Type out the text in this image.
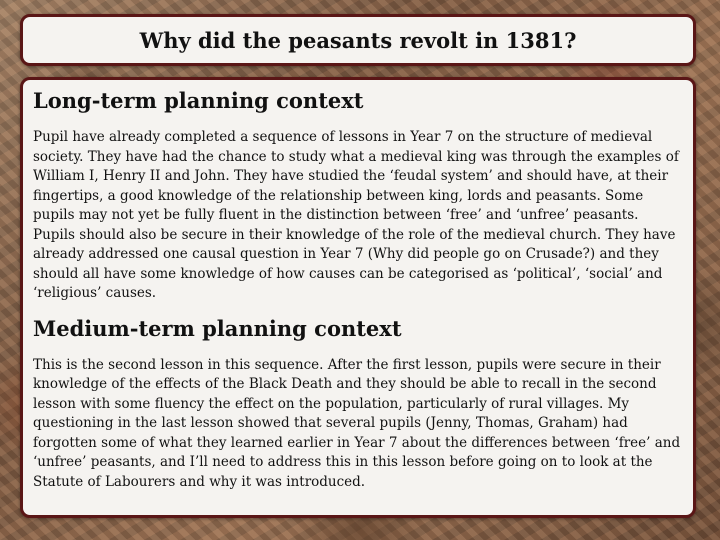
Why did the peasants revolt in 1381?
Long-term planning context

Pupil have already completed a sequence of lessons in Year 7 on the structure of medieval society. They have had the chance to study what a medieval king was through the examples of William I, Henry II and John. They have studied the ‘feudal system’ and should have, at their fingertips, a good knowledge of the relationship between king, lords and peasants. Some pupils may not yet be fully fluent in the distinction between ‘free’ and ‘unfree’ peasants. Pupils should also be secure in their knowledge of the role of the medieval church. They have already addressed one causal question in Year 7 (Why did people go on Crusade?) and they should all have some knowledge of how causes can be categorised as ‘political’, ‘social’ and ‘religious’ causes.

Medium-term planning context

This is the second lesson in this sequence. After the first lesson, pupils were secure in their knowledge of the effects of the Black Death and they should be able to recall in the second lesson with some fluency the effect on the population, particularly of rural villages. My questioning in the last lesson showed that several pupils (Jenny, Thomas, Graham) had forgotten some of what they learned earlier in Year 7 about the differences between ‘free’ and ‘unfree’ peasants, and I’ll need to address this in this lesson before going on to look at the Statute of Labourers and why it was introduced.
